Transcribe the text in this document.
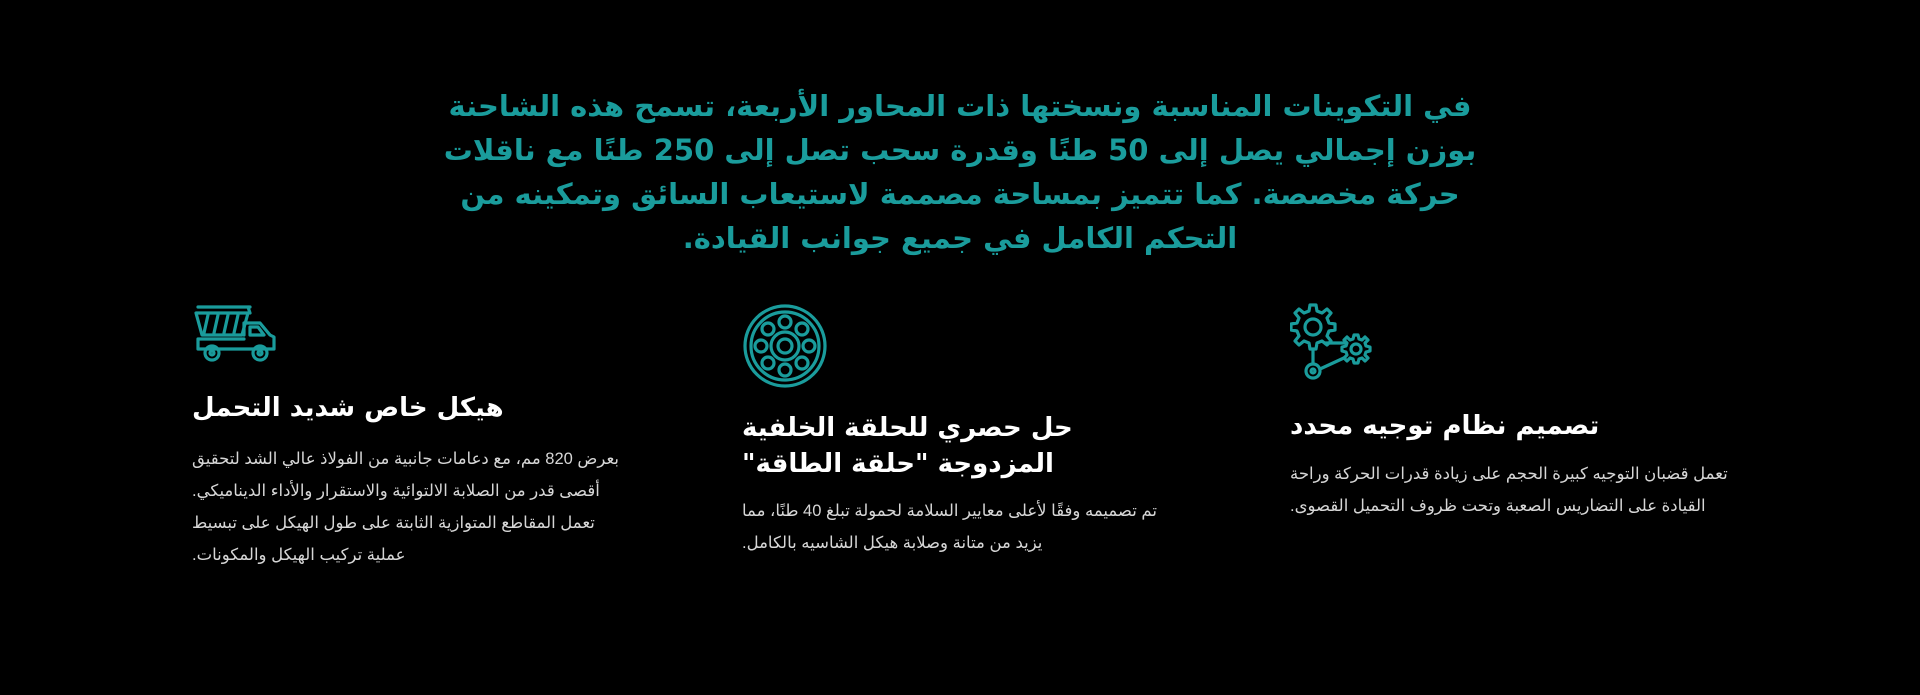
في التكوينات المناسبة ونسختها ذات المحاور الأربعة، تسمح هذه الشاحنة بوزن إجمالي يصل إلى 50 طنًا وقدرة سحب تصل إلى 250 طنًا مع ناقلات حركة مخصصة. كما تتميز بمساحة مصممة لاستيعاب السائق وتمكينه من التحكم الكامل في جميع جوانب القيادة.

هيكل خاص شديد التحمل

بعرض 820 مم، مع دعامات جانبية من الفولاذ عالي الشد لتحقيق أقصى قدر من الصلابة الالتوائية والاستقرار والأداء الديناميكي. تعمل المقاطع المتوازية الثابتة على طول الهيكل على تبسيط عملية تركيب الهيكل والمكونات.

حل حصري للحلقة الخلفية المزدوجة "حلقة الطاقة"

تم تصميمه وفقًا لأعلى معايير السلامة لحمولة تبلغ 40 طنًا، مما يزيد من متانة وصلابة هيكل الشاسيه بالكامل.

تصميم نظام توجيه محدد

تعمل قضبان التوجيه كبيرة الحجم على زيادة قدرات الحركة وراحة القيادة على التضاريس الصعبة وتحت ظروف التحميل القصوى.
